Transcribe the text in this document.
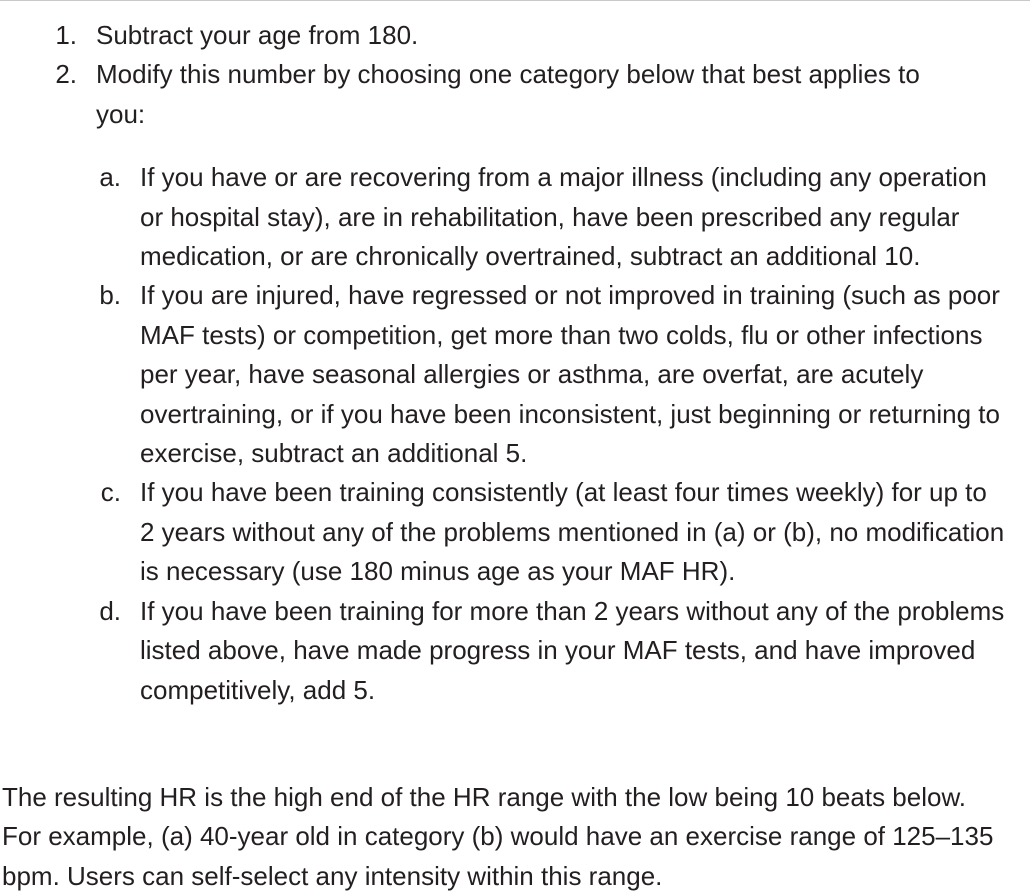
1. Subtract your age from 180.
2. Modify this number by choosing one category below that best applies to you:
a. If you have or are recovering from a major illness (including any operation or hospital stay), are in rehabilitation, have been prescribed any regular medication, or are chronically overtrained, subtract an additional 10.
b. If you are injured, have regressed or not improved in training (such as poor MAF tests) or competition, get more than two colds, flu or other infections per year, have seasonal allergies or asthma, are overfat, are acutely overtraining, or if you have been inconsistent, just beginning or returning to exercise, subtract an additional 5.
c. If you have been training consistently (at least four times weekly) for up to 2 years without any of the problems mentioned in (a) or (b), no modification is necessary (use 180 minus age as your MAF HR).
d. If you have been training for more than 2 years without any of the problems listed above, have made progress in your MAF tests, and have improved competitively, add 5.

The resulting HR is the high end of the HR range with the low being 10 beats below. For example, (a) 40-year old in category (b) would have an exercise range of 125–135 bpm. Users can self-select any intensity within this range.
